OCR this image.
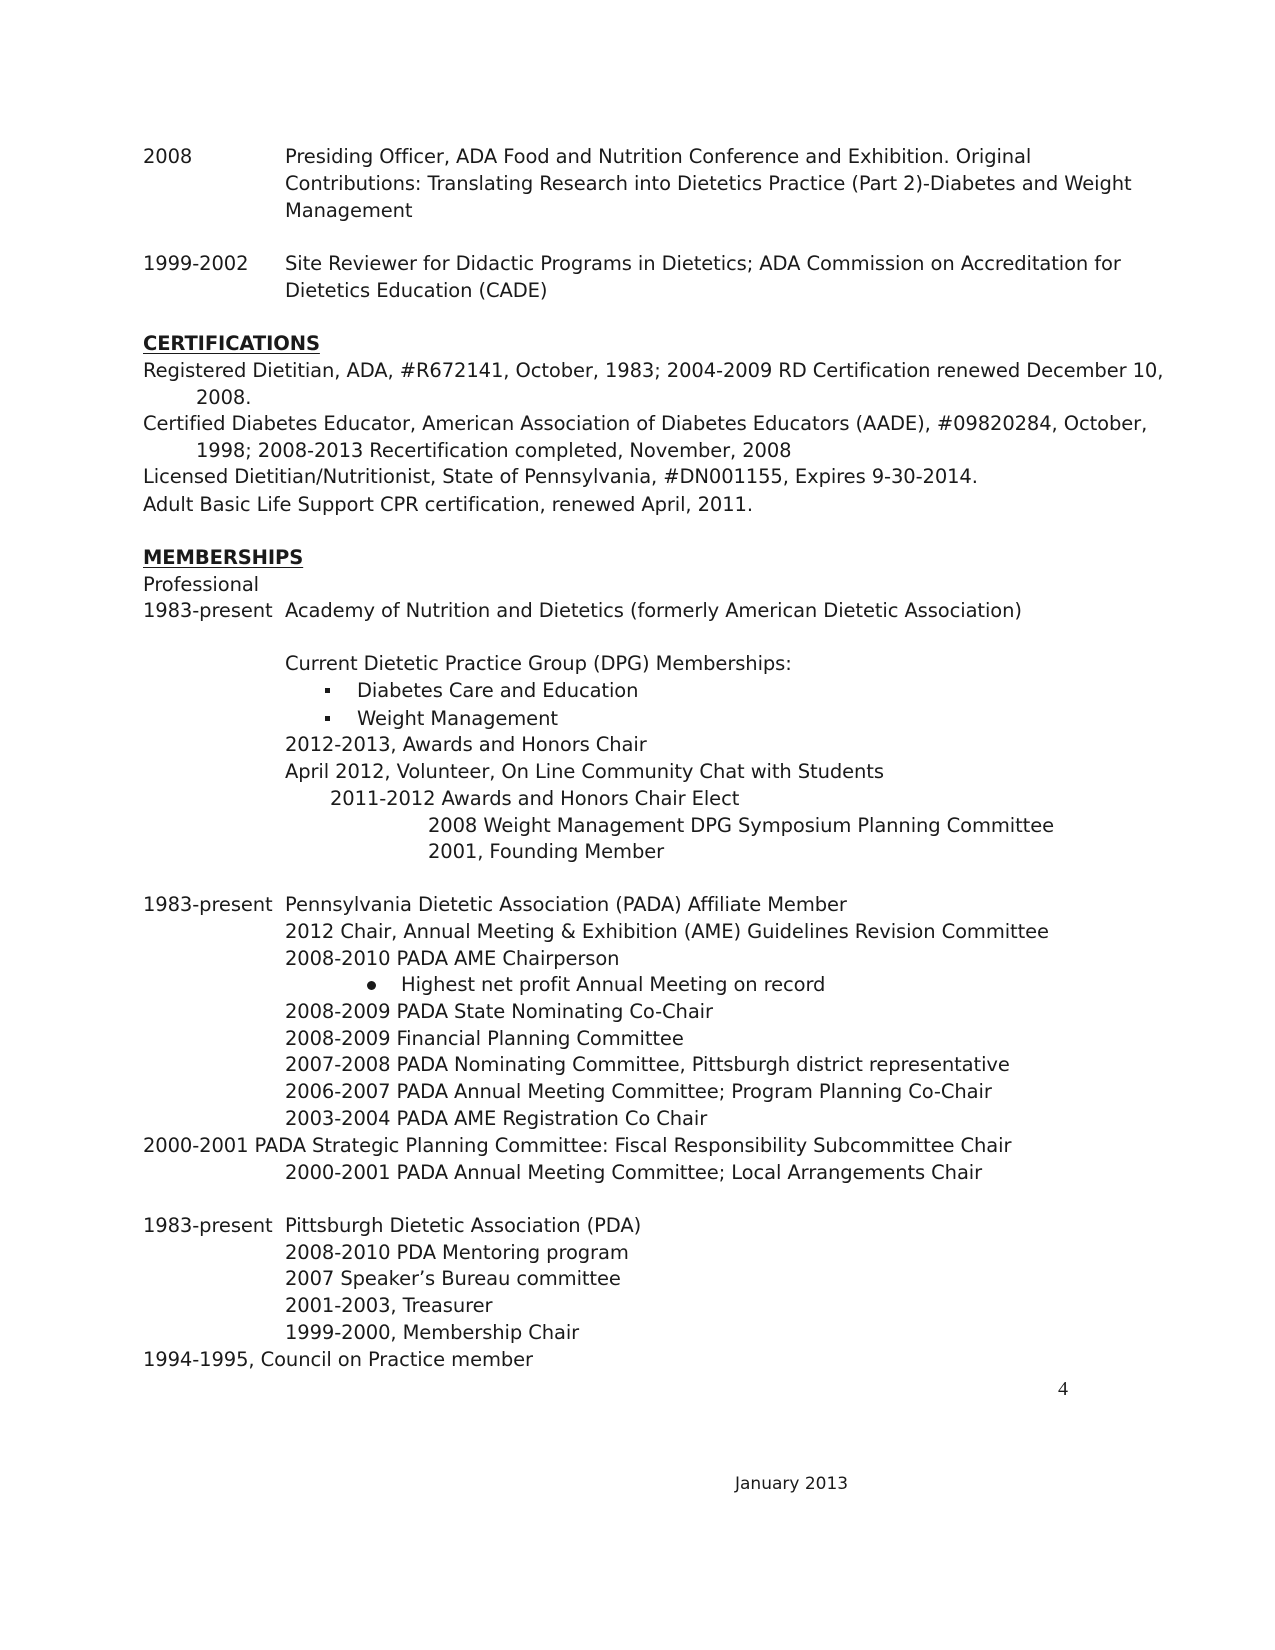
2008	Presiding Officer, ADA Food and Nutrition Conference and Exhibition. Original
Contributions: Translating Research into Dietetics Practice (Part 2)-Diabetes and Weight
Management
1999-2002 Site Reviewer for Didactic Programs in Dietetics; ADA Commission on Accreditation for
Dietetics Education (CADE)
CERTIFICATIONS
Registered Dietitian, ADA, #R672141, October, 1983; 2004-2009 RD Certification renewed December 10,
2008.
Certified Diabetes Educator, American Association of Diabetes Educators (AADE), #09820284, October,
1998; 2008-2013 Recertification completed, November, 2008
Licensed Dietitian/Nutritionist, State of Pennsylvania, #DN001155, Expires 9-30-2014.
Adult Basic Life Support CPR certification, renewed April, 2011.
MEMBERSHIPS
Professional
1983-present Academy of Nutrition and Dietetics (formerly American Dietetic Association)
Current Dietetic Practice Group (DPG) Memberships:
Diabetes Care and Education
Weight Management
2012-2013, Awards and Honors Chair
April 2012, Volunteer, On Line Community Chat with Students
2011-2012 Awards and Honors Chair Elect
2008 Weight Management DPG Symposium Planning Committee
2001, Founding Member
1983-present Pennsylvania Dietetic Association (PADA) Affiliate Member
2012 Chair, Annual Meeting & Exhibition (AME) Guidelines Revision Committee
2008-2010 PADA AME Chairperson
Highest net profit Annual Meeting on record
2008-2009 PADA State Nominating Co-Chair
2008-2009 Financial Planning Committee
2007-2008 PADA Nominating Committee, Pittsburgh district representative
2006-2007 PADA Annual Meeting Committee; Program Planning Co-Chair
2003-2004 PADA AME Registration Co Chair
2000-2001 PADA Strategic Planning Committee: Fiscal Responsibility Subcommittee Chair
2000-2001 PADA Annual Meeting Committee; Local Arrangements Chair
1983-present Pittsburgh Dietetic Association (PDA)
2008-2010 PDA Mentoring program
2007 Speaker’s Bureau committee
2001-2003, Treasurer
1999-2000, Membership Chair
1994-1995, Council on Practice member
4
January 2013
